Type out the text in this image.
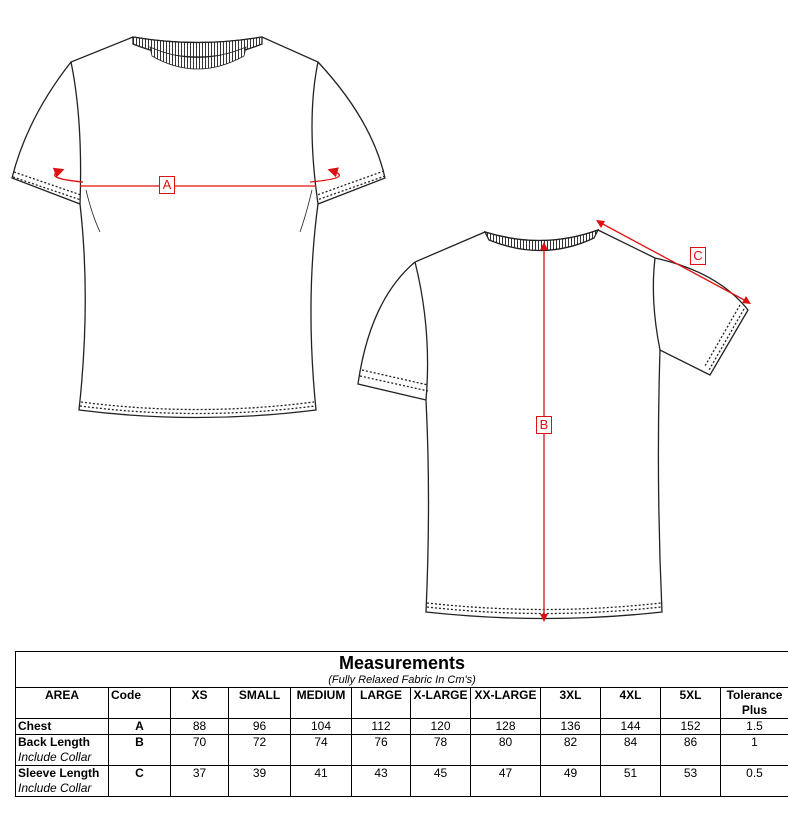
A
B
C
Measurements											
(Fully Relaxed Fabric In Cm's)											
AREA	Code	XS	SMALL	MEDIUM	LARGE	X-LARGE	XX-LARGE	3XL	4XL	5XL	Tolerance
											Plus
Chest	A	88	96	104	112	120	128	136	144	152	1.5
Back Length	B	70	72	74	76	78	80	82	84	86	1
Include Collar											
Sleeve Length	C	37	39	41	43	45	47	49	51	53	0.5
Include Collar											
